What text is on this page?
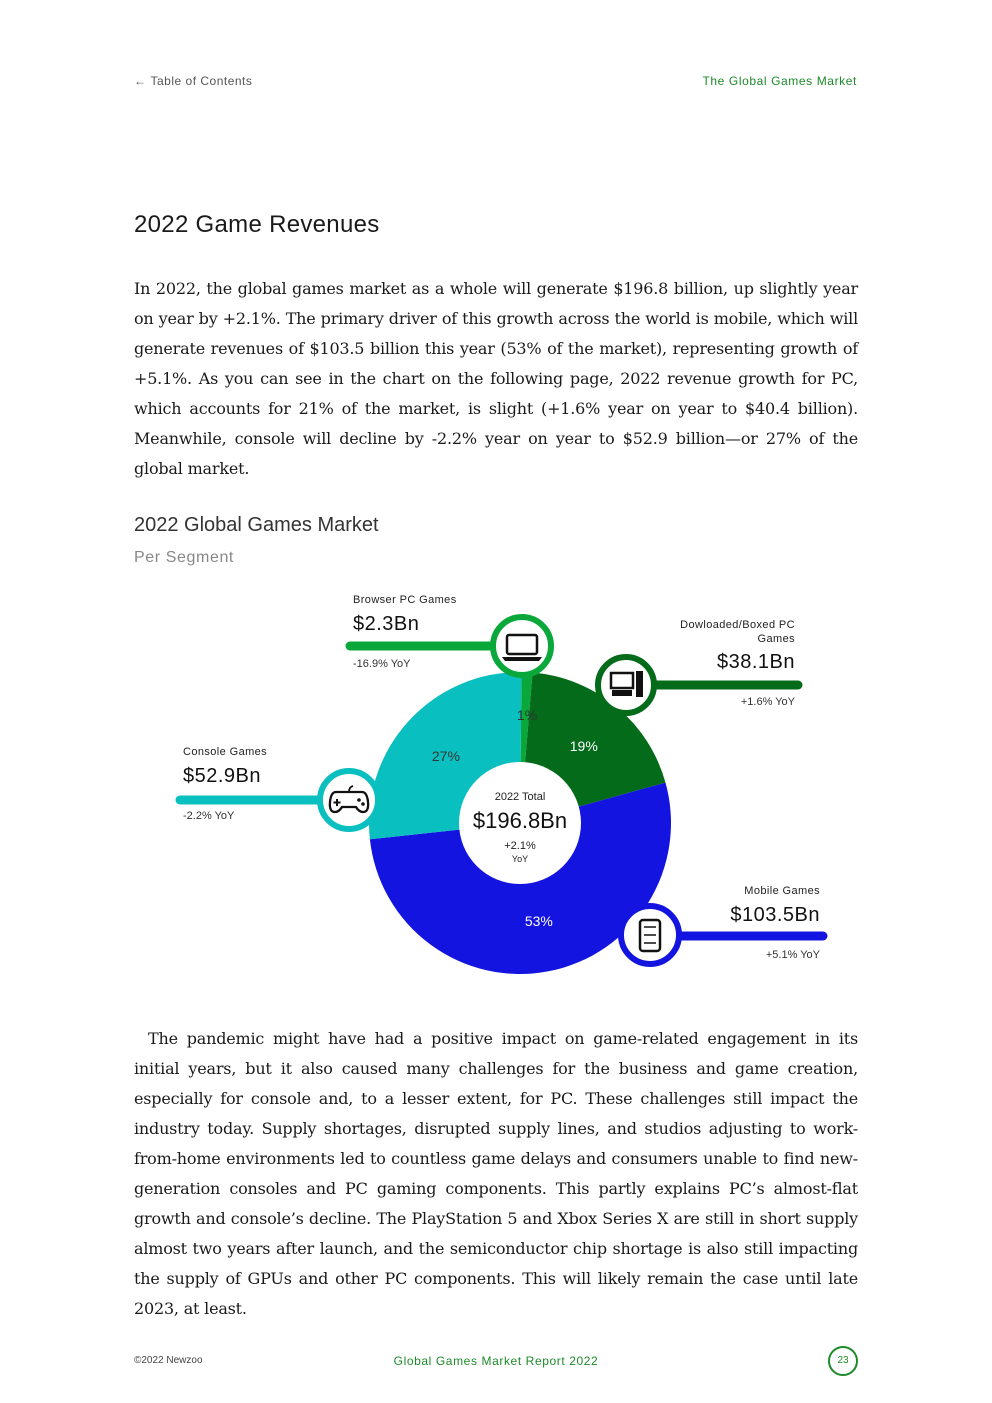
← Table of Contents	The Global Games Market
2022 Game Revenues

In 2022, the global games market as a whole will generate $196.8 billion, up slightly year on year by +2.1%. The primary driver of this growth across the world is mobile, which will generate revenues of $103.5 billion this year (53% of the market), representing growth of +5.1%. As you can see in the chart on the following page, 2022 revenue growth for PC, which accounts for 21% of the market, is slight (+1.6% year on year to $40.4 billion). Meanwhile, console will decline by -2.2% year on year to $52.9 billion—or 27% of the global market.

2022 Global Games Market

Per Segment

2022 Total
$196.8Bn
+2.1%
YoY
1%
19%
53%
27%
Browser PC Games
$2.3Bn
-16.9% YoY
Dowloaded/Boxed PC Games
$38.1Bn
+1.6% YoY
Mobile Games
$103.5Bn
+5.1% YoY
Console Games
$52.9Bn
-2.2% YoY

The pandemic might have had a positive impact on game-related engagement in its initial years, but it also caused many challenges for the business and game creation, especially for console and, to a lesser extent, for PC. These challenges still impact the industry today. Supply shortages, disrupted supply lines, and studios adjusting to work-from-home environments led to countless game delays and consumers unable to find new-generation consoles and PC gaming components. This partly explains PC’s almost-flat growth and console’s decline. The PlayStation 5 and Xbox Series X are still in short supply almost two years after launch, and the semiconductor chip shortage is also still impacting the supply of GPUs and other PC components. This will likely remain the case until late 2023, at least.

©2022 Newzoo	Global Games Market Report 2022	23
